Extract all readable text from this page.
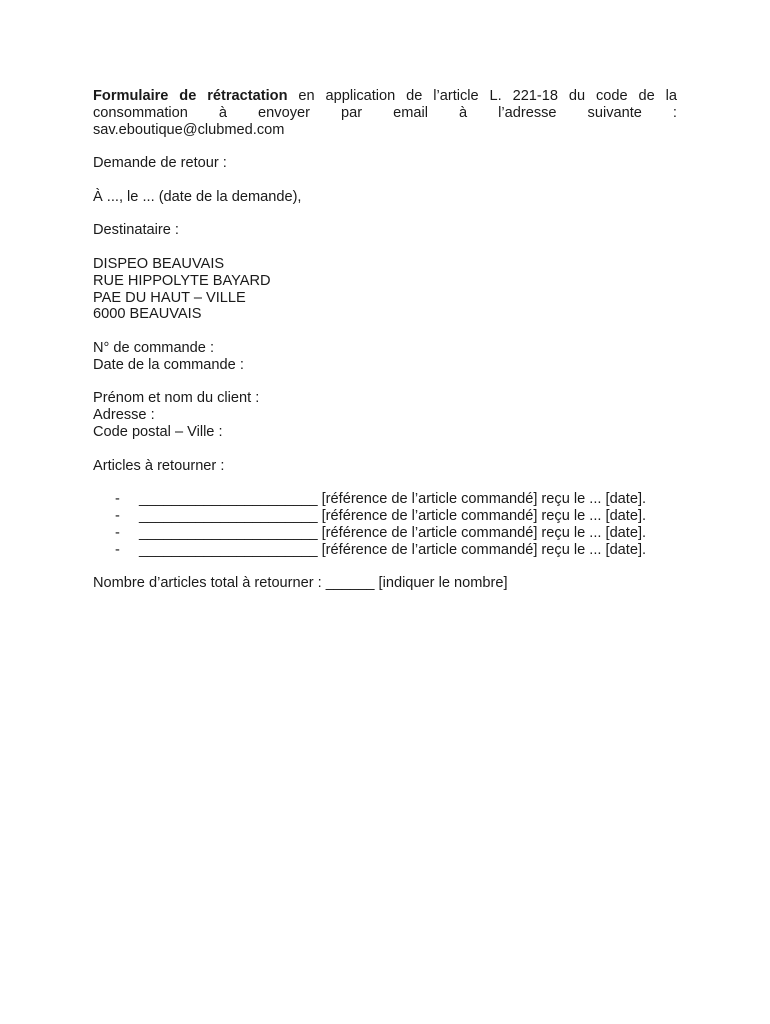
Formulaire de rétractation en application de l’article L. 221-18 du code de la
consommation à envoyer par email à l’adresse suivante :
sav.eboutique@clubmed.com

Demande de retour :

À ..., le ... (date de la demande),

Destinataire :

DISPEO BEAUVAIS
RUE HIPPOLYTE BAYARD
PAE DU HAUT – VILLE
6000 BEAUVAIS
N° de commande :
Date de la commande :
Prénom et nom du client :
Adresse :
Code postal – Ville :

Articles à retourner :

-	______________________ [référence de l’article commandé] reçu le ... [date].
-	______________________ [référence de l’article commandé] reçu le ... [date].
-	______________________ [référence de l’article commandé] reçu le ... [date].
-	______________________ [référence de l’article commandé] reçu le ... [date].

Nombre d’articles total à retourner : ______ [indiquer le nombre]
